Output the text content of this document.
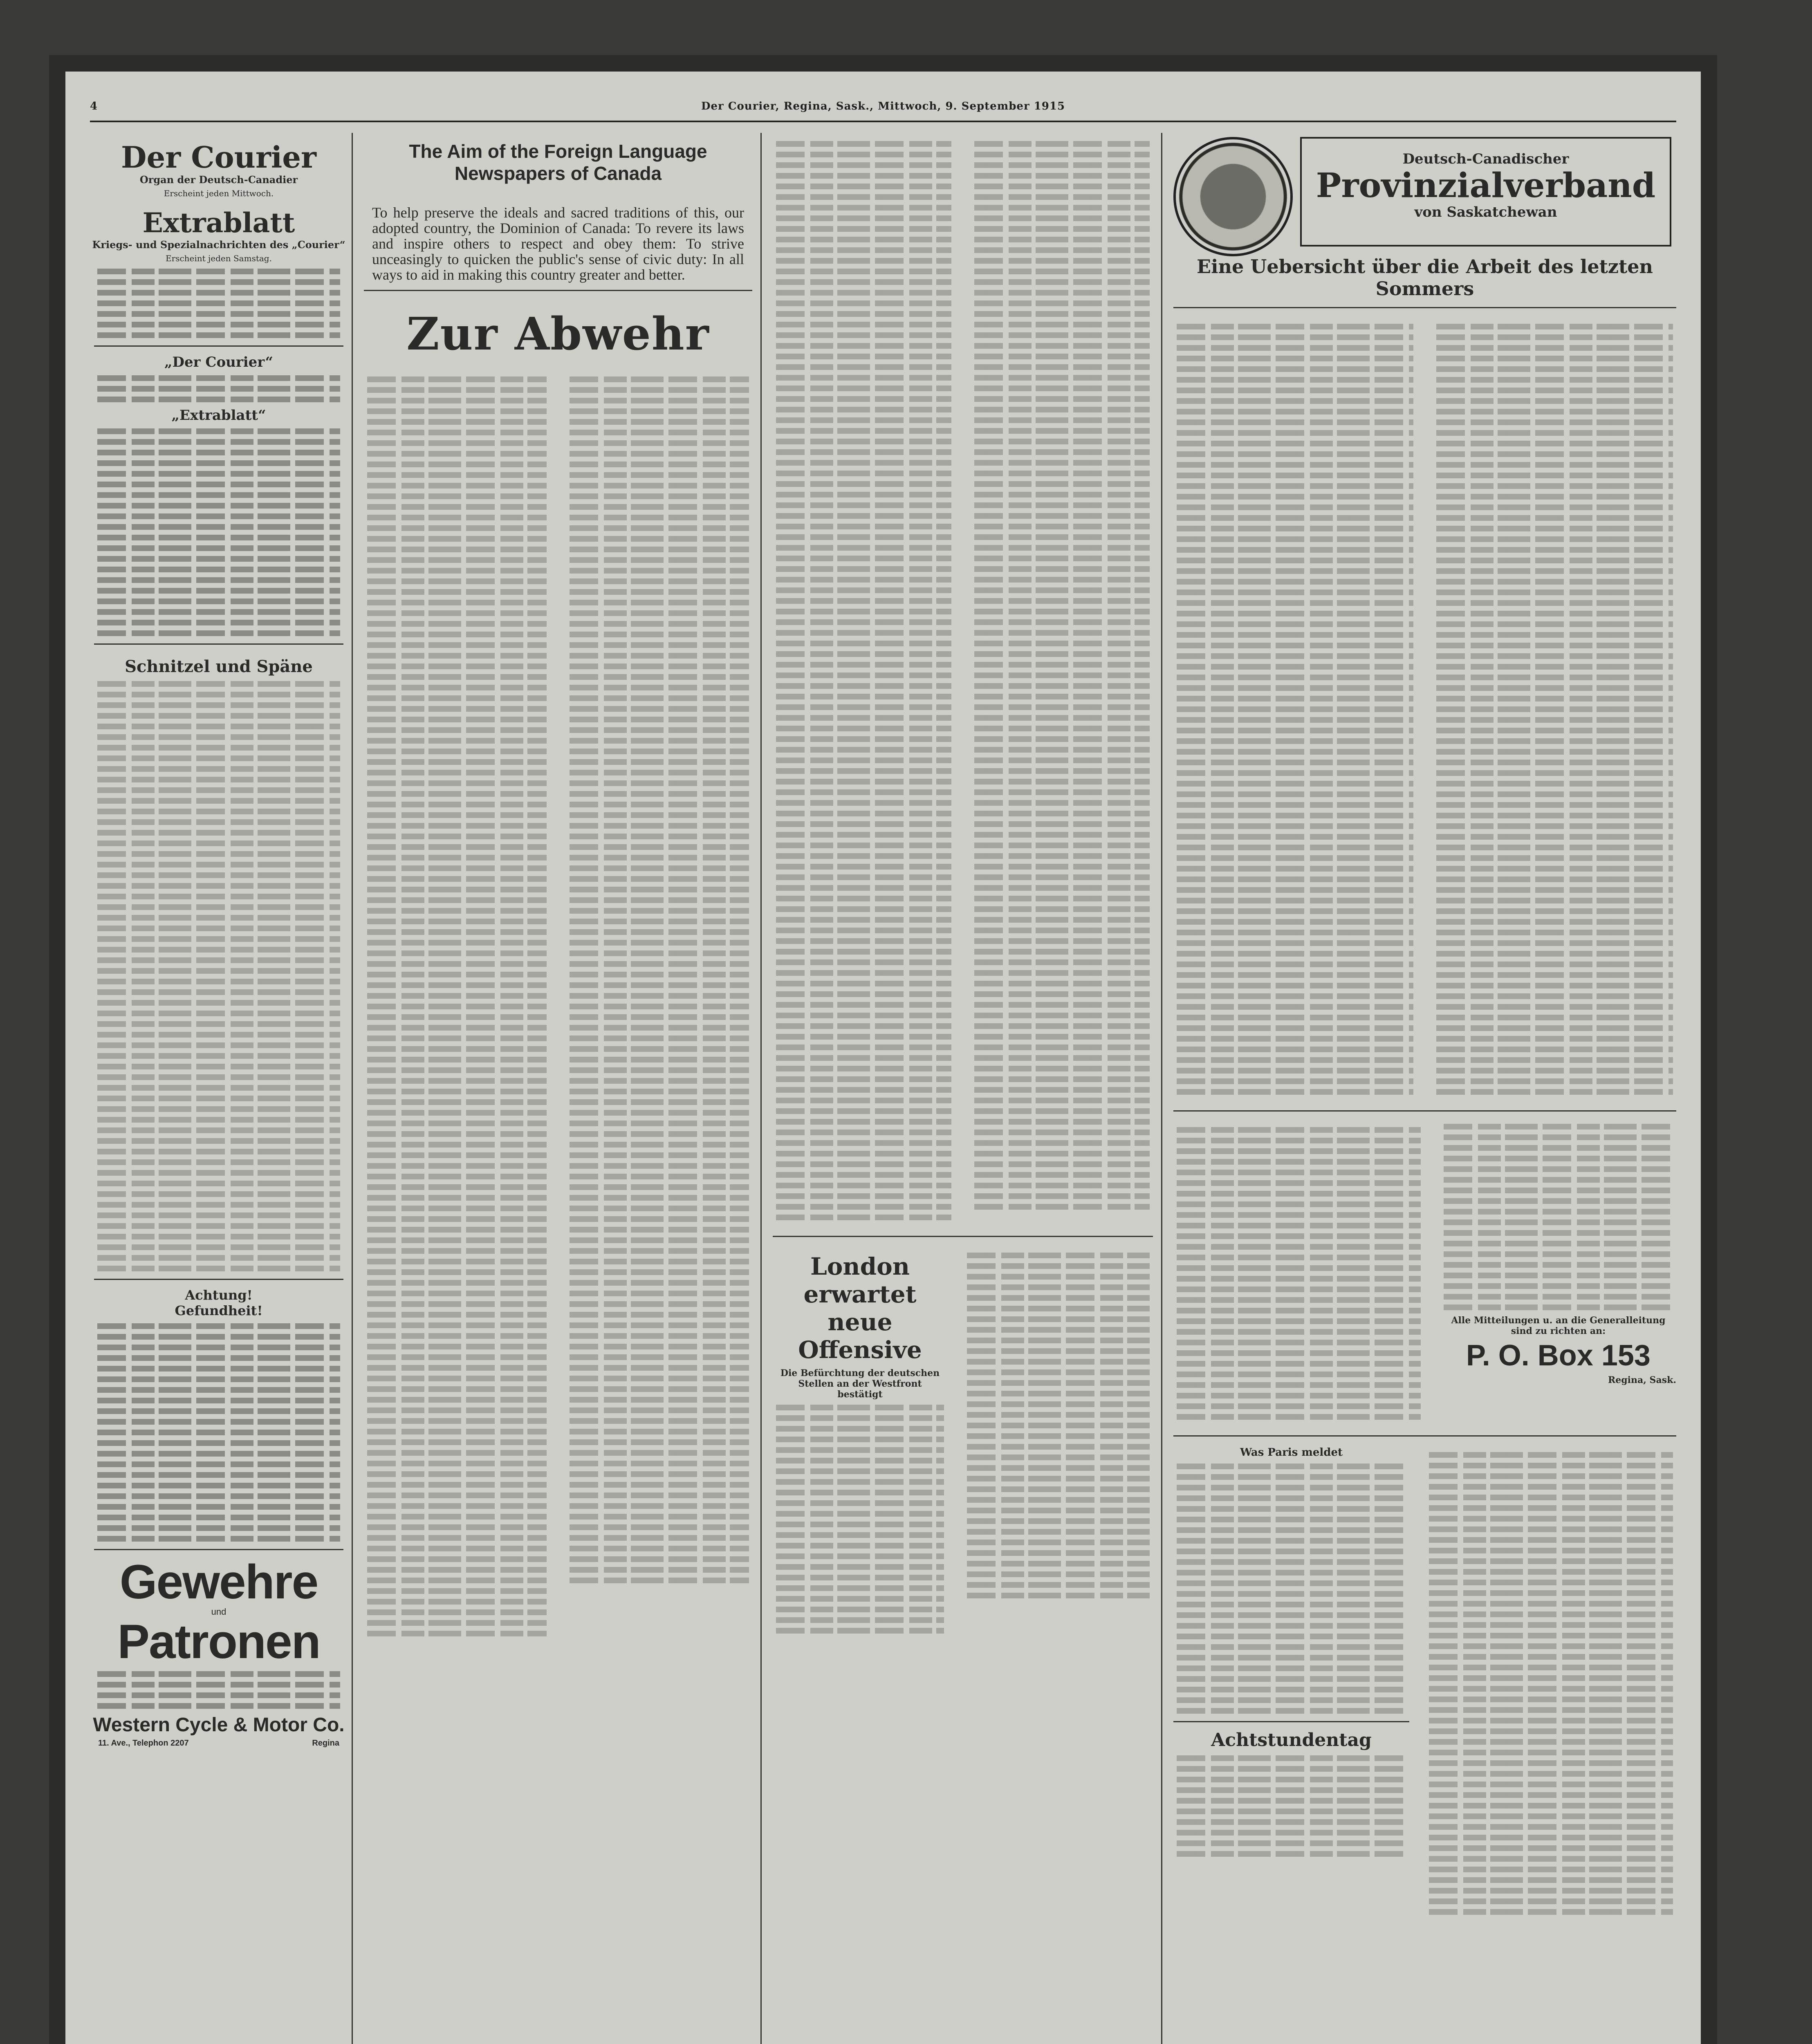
4	Der Courier, Regina, Sask., Mittwoch, 9. September 1915
Der Courier
Organ der Deutsch-Canadier
Erscheint jeden Mittwoch.
Extrablatt
Kriegs- und Spezialnachrichten des „Courier“
Erscheint jeden Samstag.
„Der Courier“
„Extrablatt“
Schnitzel und Späne
Achtung!
Gefundheit!
Gewehre
und
Patronen
Western Cycle & Motor Co.
11. Ave., Telephon 2207	Regina
The Aim of the Foreign Language Newspapers of Canada
To help preserve the ideals and sacred traditions of this, our adopted country, the Dominion of Canada: To revere its laws and inspire others to respect and obey them: To strive unceasingly to quicken the public's sense of civic duty: In all ways to aid in making this country greater and better.
Zur Abwehr
London erwartet neue Offensive
Die Befürchtung der deutschen Stellen an der Westfront bestätigt
Deutsch-Canadischer
Provinzialverband
von Saskatchewan
Eine Uebersicht über die Arbeit des letzten Sommers
Alle Mitteilungen u. an die Generalleitung sind zu richten an:
P. O. Box 153
Regina, Sask.
Was Paris meldet
Achtstundentag
